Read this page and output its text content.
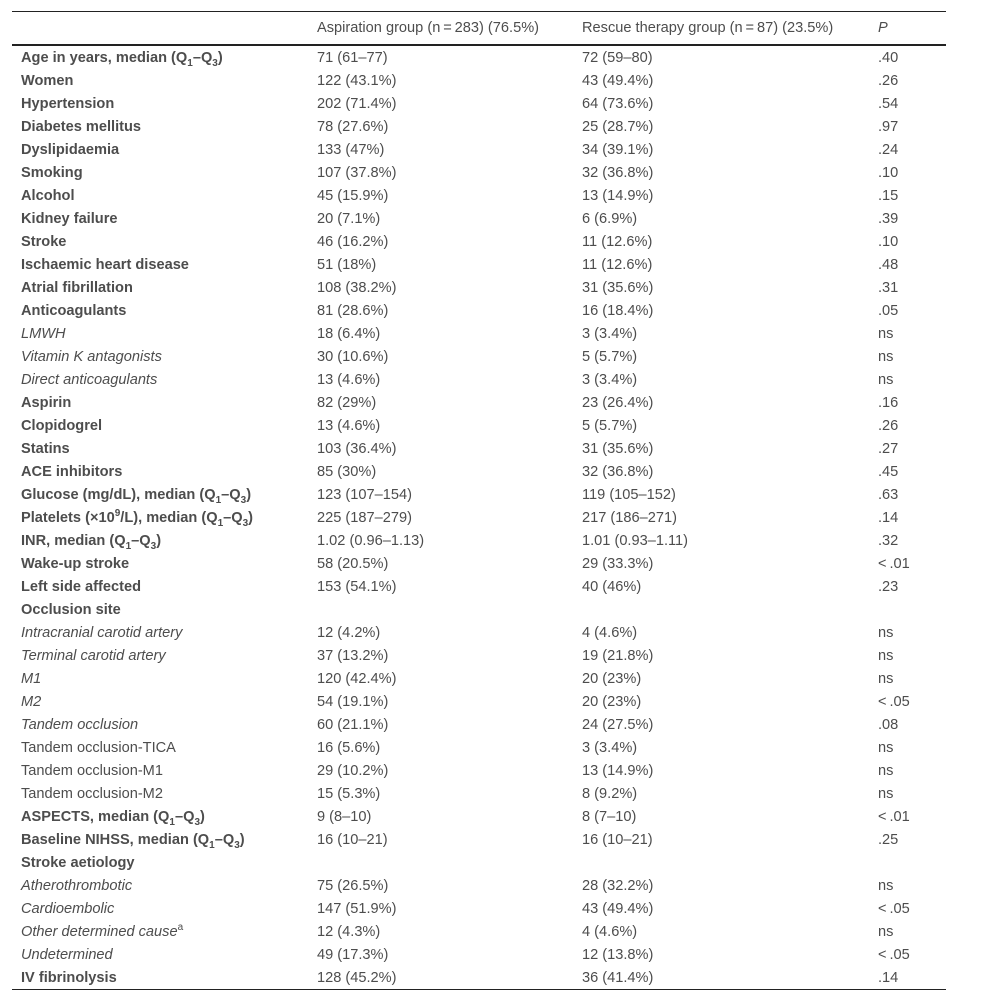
	Aspiration group (n = 283) (76.5%)	Rescue therapy group (n = 87) (23.5%)	P
Age in years, median $(Q_1-Q_3)$	71 (61–77)	72 (59–80)	.40
Women	122 (43.1%)	43 (49.4%)	.26
Hypertension	202 (71.4%)	64 (73.6%)	.54
Diabetes mellitus	78 (27.6%)	25 (28.7%)	.97
Dyslipidaemia	133 (47%)	34 (39.1%)	.24
Smoking	107 (37.8%)	32 (36.8%)	.10
Alcohol	45 (15.9%)	13 (14.9%)	.15
Kidney failure	20 (7.1%)	6 (6.9%)	.39
Stroke	46 (16.2%)	11 (12.6%)	.10
Ischaemic heart disease	51 (18%)	11 (12.6%)	.48
Atrial fibrillation	108 (38.2%)	31 (35.6%)	.31
Anticoagulants	81 (28.6%)	16 (18.4%)	.05
LMWH	18 (6.4%)	3 (3.4%)	ns
Vitamin K antagonists	30 (10.6%)	5 (5.7%)	ns
Direct anticoagulants	13 (4.6%)	3 (3.4%)	ns
Aspirin	82 (29%)	23 (26.4%)	.16
Clopidogrel	13 (4.6%)	5 (5.7%)	.26
Statins	103 (36.4%)	31 (35.6%)	.27
ACE inhibitors	85 (30%)	32 (36.8%)	.45
Glucose (mg/dL), median $(Q_1-Q_3)$	123 (107–154)	119 (105–152)	.63
Platelets $(\times 10^9/L)$, median $(Q_1-Q_3)$	225 (187–279)	217 (186–271)	.14
INR, median $(Q_1-Q_3)$	1.02 (0.96–1.13)	1.01 (0.93–1.11)	.32
Wake-up stroke	58 (20.5%)	29 (33.3%)	< .01
Left side affected	153 (54.1%)	40 (46%)	.23
Occlusion site			
Intracranial carotid artery	12 (4.2%)	4 (4.6%)	ns
Terminal carotid artery	37 (13.2%)	19 (21.8%)	ns
M1	120 (42.4%)	20 (23%)	ns
M2	54 (19.1%)	20 (23%)	< .05
Tandem occlusion	60 (21.1%)	24 (27.5%)	.08
Tandem occlusion-TICA	16 (5.6%)	3 (3.4%)	ns
Tandem occlusion-M1	29 (10.2%)	13 (14.9%)	ns
Tandem occlusion-M2	15 (5.3%)	8 (9.2%)	ns
ASPECTS, median $(Q_1-Q_3)$	9 (8–10)	8 (7–10)	< .01
Baseline NIHSS, median $(Q_1-Q_3)$	16 (10–21)	16 (10–21)	.25
Stroke aetiology			
Atherothrombotic	75 (26.5%)	28 (32.2%)	ns
Cardioembolic	147 (51.9%)	43 (49.4%)	< .05
Other determined cause$^a$	12 (4.3%)	4 (4.6%)	ns
Undetermined	49 (17.3%)	12 (13.8%)	< .05
IV fibrinolysis	128 (45.2%)	36 (41.4%)	.14
